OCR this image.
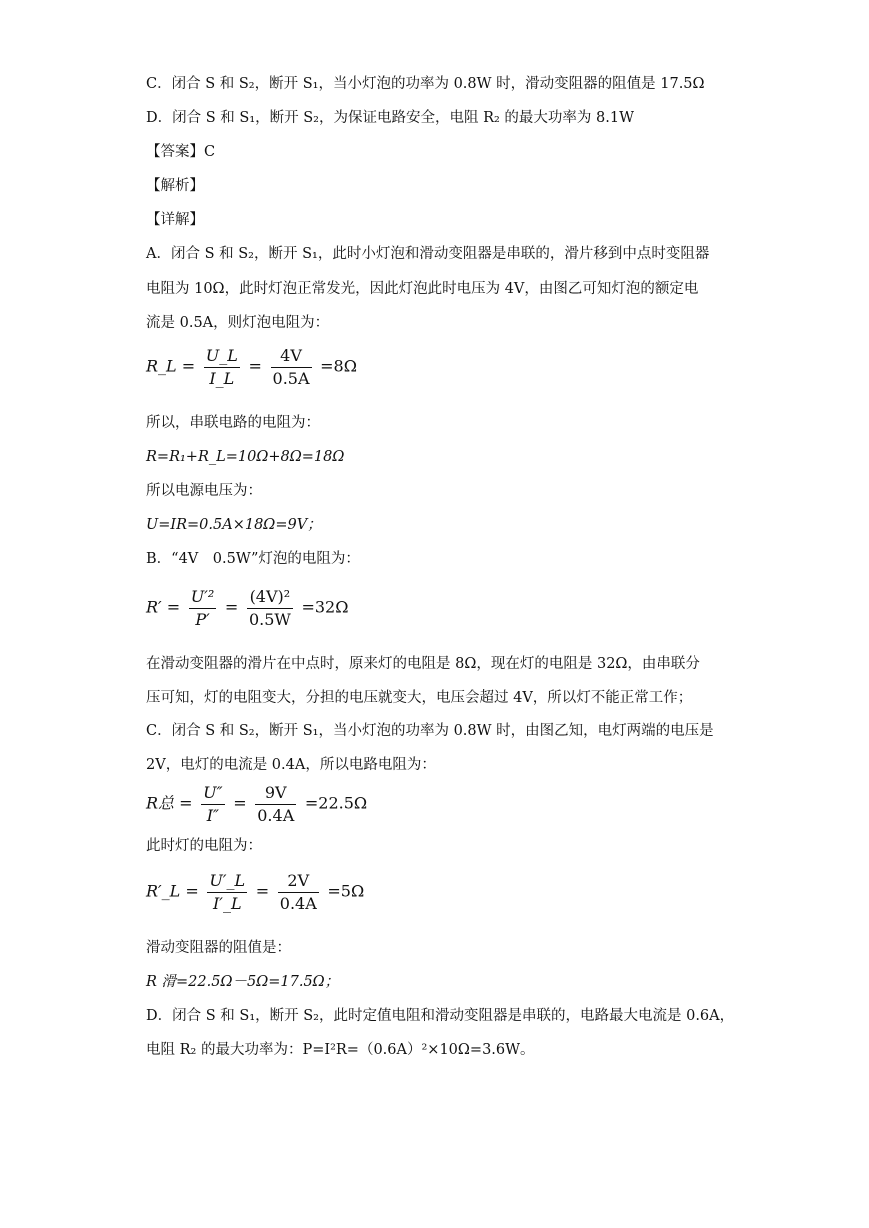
C．闭合 S 和 S₂，断开 S₁，当小灯泡的功率为 0.8W 时，滑动变阻器的阻值是 17.5Ω
D．闭合 S 和 S₁，断开 S₂，为保证电路安全，电阻 R₂ 的最大功率为 8.1W
【答案】C
【解析】
【详解】
A．闭合 S 和 S₂，断开 S₁，此时小灯泡和滑动变阻器是串联的，滑片移到中点时变阻器
电阻为 10Ω，此时灯泡正常发光，因此灯泡此时电压为 4V，由图乙可知灯泡的额定电
流是 0.5A，则灯泡电阻为：
R_L = $\frac{U\_L}{I\_L} = \frac{4V}{0.5A} =8\Omega$
所以，串联电路的电阻为：
R=R₁+R_L=10Ω+8Ω=18Ω
所以电源电压为：
U=IR=0.5A×18Ω=9V；
B．“4V　0.5W”灯泡的电阻为：
$R' = \frac{\text{U′²}}{P'} = \frac{\text{(4V)²}}{0.5W} =32\Omega$
在滑动变阻器的滑片在中点时，原来灯的电阻是 8Ω，现在灯的电阻是 32Ω，由串联分
压可知，灯的电阻变大，分担的电压就变大，电压会超过 4V，所以灯不能正常工作；
C．闭合 S 和 S₂，断开 S₁，当小灯泡的功率为 0.8W 时，由图乙知，电灯两端的电压是
2V，电灯的电流是 0.4A，所以电路电阻为：
R总 = $\frac{U''}{I''} = \frac{9V}{0.4A} =22.5\Omega$
此时灯的电阻为：
R′_L = $\frac{U'\_L}{I'\_L} = \frac{2V}{0.4A} =5\Omega$
滑动变阻器的阻值是：
R 滑=22.5Ω－5Ω=17.5Ω；
D．闭合 S 和 S₁，断开 S₂，此时定值电阻和滑动变阻器是串联的，电路最大电流是 0.6A，
电阻 R₂ 的最大功率为：P=I²R=（0.6A）²×10Ω=3.6W。
